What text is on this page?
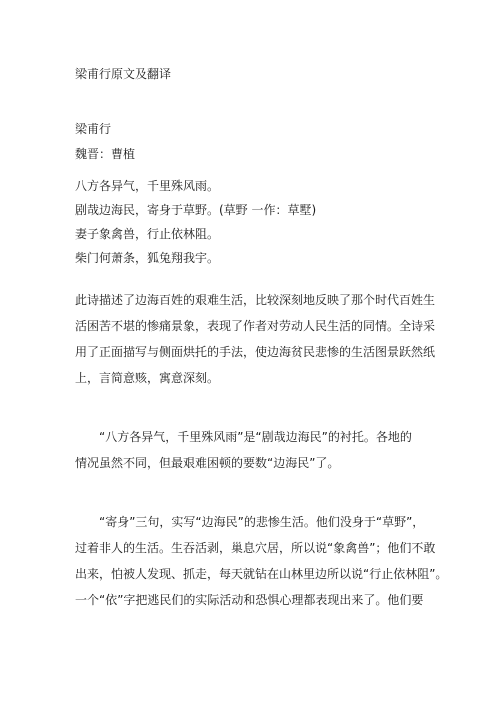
梁甫行原文及翻译
梁甫行
魏晋：曹植
八方各异气，千里殊风雨。
剧哉边海民，寄身于草野。(草野 一作：草墅)
妻子象禽兽，行止依林阻。
柴门何萧条，狐兔翔我宇。
此诗描述了边海百姓的艰难生活，比较深刻地反映了那个时代百姓生
活困苦不堪的惨痛景象，表现了作者对劳动人民生活的同情。全诗采
用了正面描写与侧面烘托的手法，使边海贫民悲惨的生活图景跃然纸
上，言简意赅，寓意深刻。
“八方各异气，千里殊风雨”是“剧哉边海民”的衬托。各地的
情况虽然不同，但最艰难困顿的要数“边海民”了。
“寄身”三句，实写“边海民”的悲惨生活。他们没身于“草野”，
过着非人的生活。生吞活剥，巢息穴居，所以说“象禽兽”；他们不敢
出来，怕被人发现、抓走，每天就钻在山林里边所以说“行止依林阻”。
一个“依”字把逃民们的实际活动和恐惧心理都表现出来了。他们要
